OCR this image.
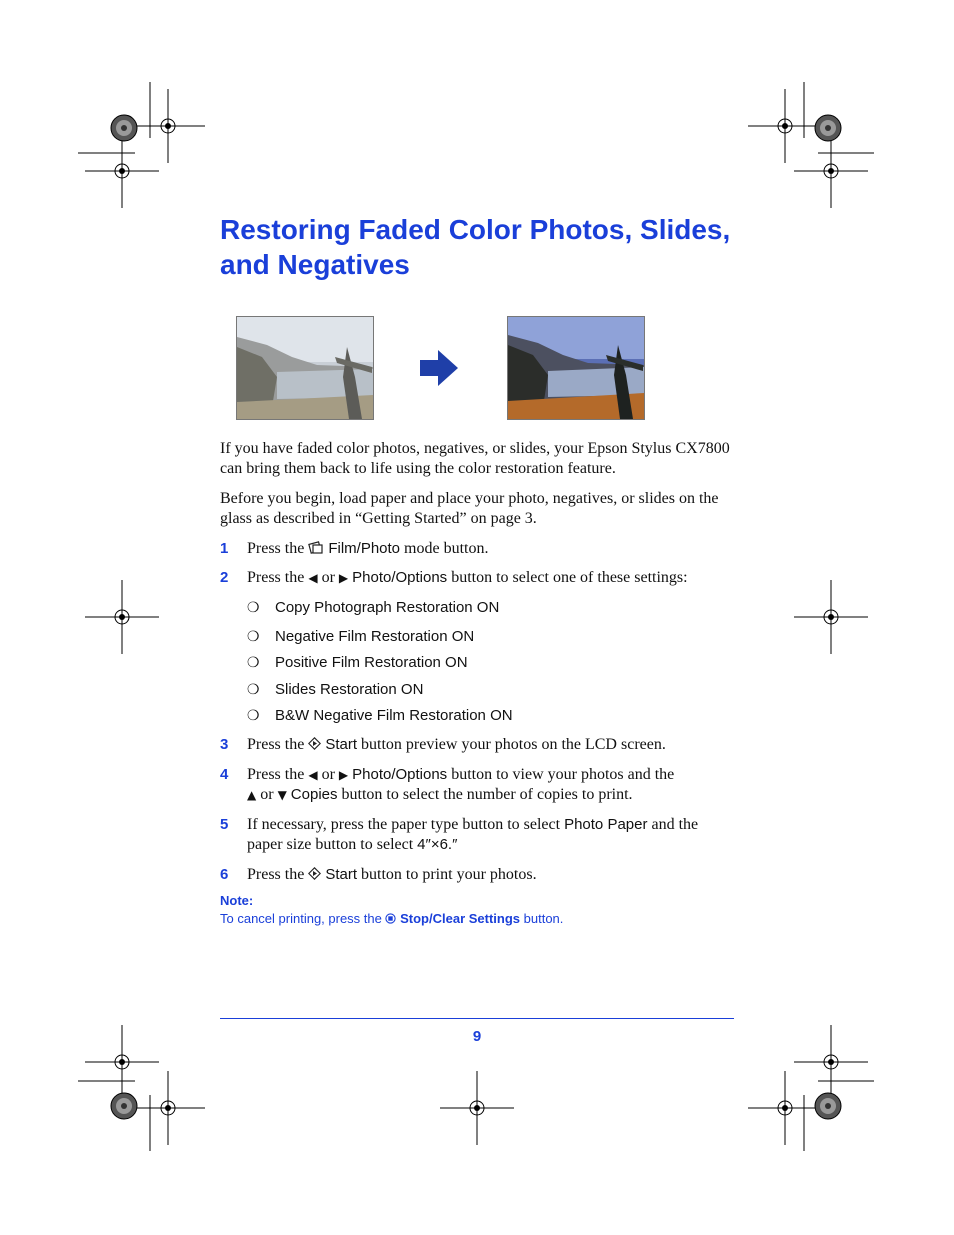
Restoring Faded Color Photos, Slides, and Negatives
If you have faded color photos, negatives, or slides, your Epson Stylus CX7800 can bring them back to life using the color restoration feature.
Before you begin, load paper and place your photo, negatives, or slides on the glass as described in “Getting Started” on page 3.
1 Press the  Film/Photo mode button.
2 Press the ◀ or ▶ Photo/Options button to select one of these settings:
❍ Copy Photograph Restoration ON
❍ Negative Film Restoration ON
❍ Positive Film Restoration ON
❍ Slides Restoration ON
❍ B&W Negative Film Restoration ON
3 Press the  Start button preview your photos on the LCD screen.
4 Press the ◀ or ▶ Photo/Options button to view your photos and the
▲ or ▼ Copies button to select the number of copies to print.
5 If necessary, press the paper type button to select Photo Paper and the
paper size button to select 4″×6.″
6 Press the  Start button to print your photos.
Note:
To cancel printing, press the  Stop/Clear Settings button.
9
